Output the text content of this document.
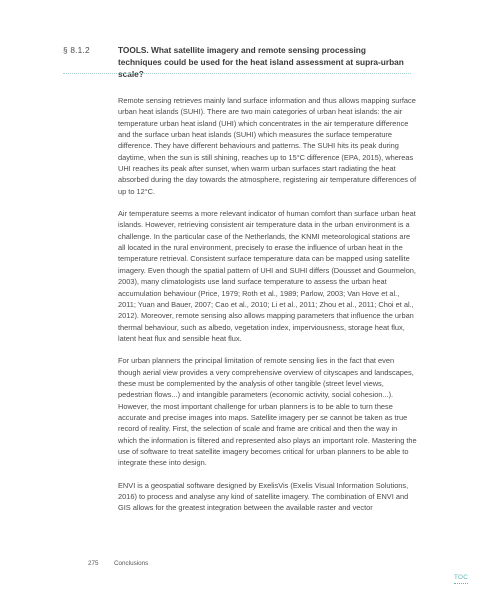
§ 8.1.2	TOOLS. What satellite imagery and remote sensing processing techniques could be used for the heat island assessment at supra-urban scale?

Remote sensing retrieves mainly land surface information and thus allows mapping surface urban heat islands (SUHI). There are two main categories of urban heat islands: the air temperature urban heat island (UHI) which concentrates in the air temperature difference and the surface urban heat islands (SUHI) which measures the surface temperature difference. They have different behaviours and patterns. The SUHI hits its peak during daytime, when the sun is still shining, reaches up to 15°C difference (EPA, 2015), whereas UHI reaches its peak after sunset, when warm urban surfaces start radiating the heat absorbed during the day towards the atmosphere, registering air temperature differences of up to 12°C.

Air temperature seems a more relevant indicator of human comfort than surface urban heat islands. However, retrieving consistent air temperature data in the urban environment is a challenge. In the particular case of the Netherlands, the KNMI meteorological stations are all located in the rural environment, precisely to erase the influence of urban heat in the temperature retrieval. Consistent surface temperature data can be mapped using satellite imagery. Even though the spatial pattern of UHI and SUHI differs (Dousset and Gourmelon, 2003), many climatologists use land surface temperature to assess the urban heat accumulation behaviour (Price, 1979; Roth et al., 1989; Parlow, 2003; Van Hove et al., 2011; Yuan and Bauer, 2007; Cao et al., 2010; Li et al., 2011; Zhou et al., 2011; Choi et al., 2012). Moreover, remote sensing also allows mapping parameters that influence the urban thermal behaviour, such as albedo, vegetation index, imperviousness, storage heat flux, latent heat flux and sensible heat flux.

For urban planners the principal limitation of remote sensing lies in the fact that even though aerial view provides a very comprehensive overview of cityscapes and landscapes, these must be complemented by the analysis of other tangible (street level views, pedestrian flows...) and intangible parameters (economic activity, social cohesion...). However, the most important challenge for urban planners is to be able to turn these accurate and precise images into maps. Satellite imagery per se cannot be taken as true record of reality. First, the selection of scale and frame are critical and then the way in which the information is filtered and represented also plays an important role. Mastering the use of software to treat satellite imagery becomes critical for urban planners to be able to integrate these into design.

ENVI is a geospatial software designed by ExelisVis (Exelis Visual Information Solutions, 2016) to process and analyse any kind of satellite imagery. The combination of ENVI and GIS allows for the greatest integration between the available raster and vector

275	Conclusions
TOC
